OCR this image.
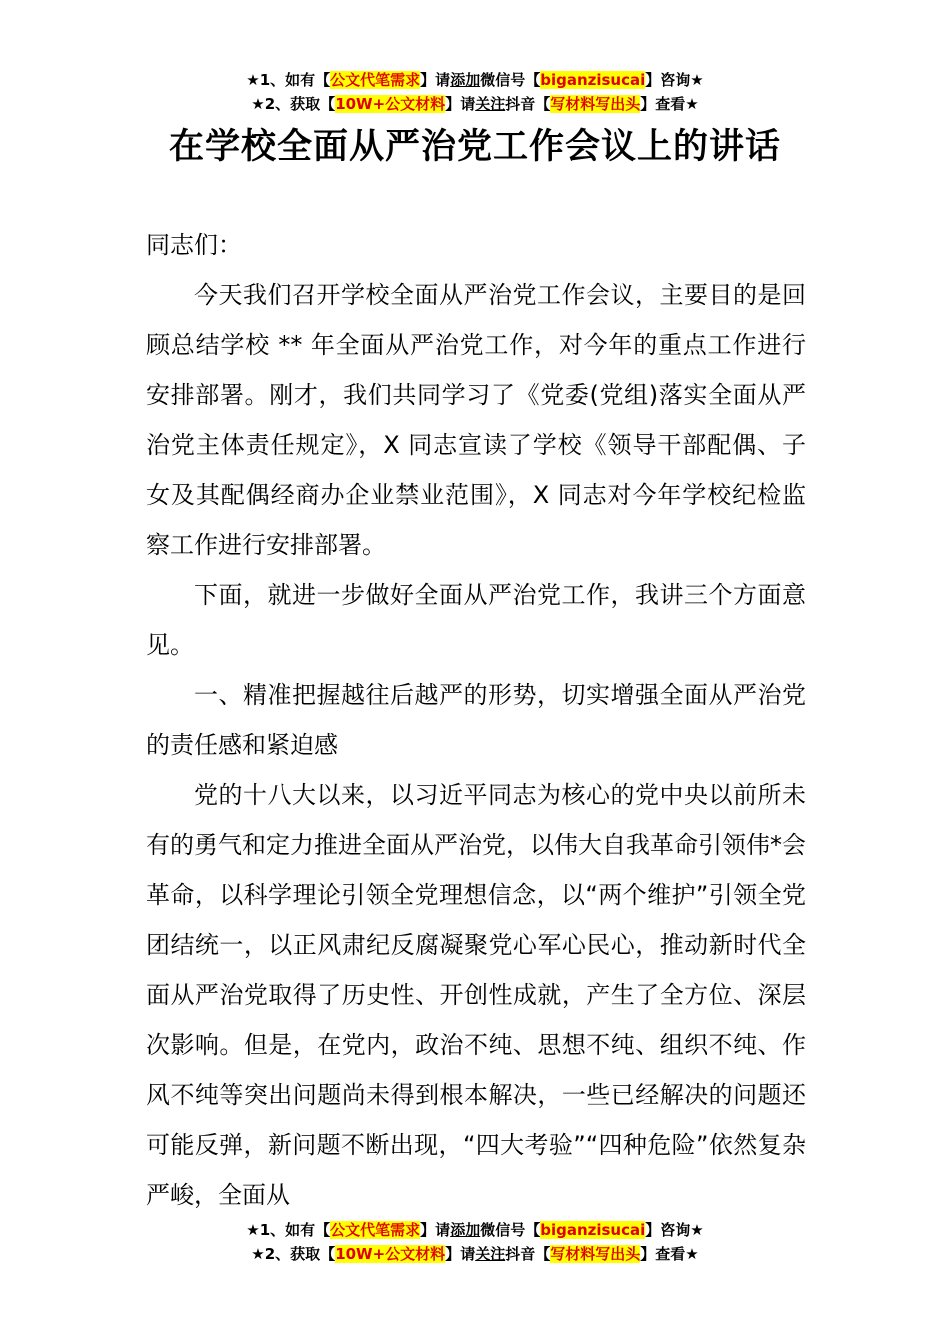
★1、如有【公文代笔需求】请添加微信号【biganzisucai】咨询★
★2、获取【10W+公文材料】请关注抖音【写材料写出头】查看★
在学校全面从严治党工作会议上的讲话

同志们：

今天我们召开学校全面从严治党工作会议，主要目的是回顾总结学校 ** 年全面从严治党工作，对今年的重点工作进行安排部署。刚才，我们共同学习了《党委(党组)落实全面从严治党主体责任规定》，X 同志宣读了学校《领导干部配偶、子女及其配偶经商办企业禁业范围》，X 同志对今年学校纪检监察工作进行安排部署。

下面，就进一步做好全面从严治党工作，我讲三个方面意见。

一、精准把握越往后越严的形势，切实增强全面从严治党的责任感和紧迫感

党的十八大以来，以习近平同志为核心的党中央以前所未有的勇气和定力推进全面从严治党，以伟大自我革命引领伟*会革命，以科学理论引领全党理想信念，以“两个维护”引领全党团结统一，以正风肃纪反腐凝聚党心军心民心，推动新时代全面从严治党取得了历史性、开创性成就，产生了全方位、深层次影响。但是，在党内，政治不纯、思想不纯、组织不纯、作风不纯等突出问题尚未得到根本解决，一些已经解决的问题还可能反弹，新问题不断出现，“四大考验”“四种危险”依然复杂严峻，全面从

★1、如有【公文代笔需求】请添加微信号【biganzisucai】咨询★
★2、获取【10W+公文材料】请关注抖音【写材料写出头】查看★
